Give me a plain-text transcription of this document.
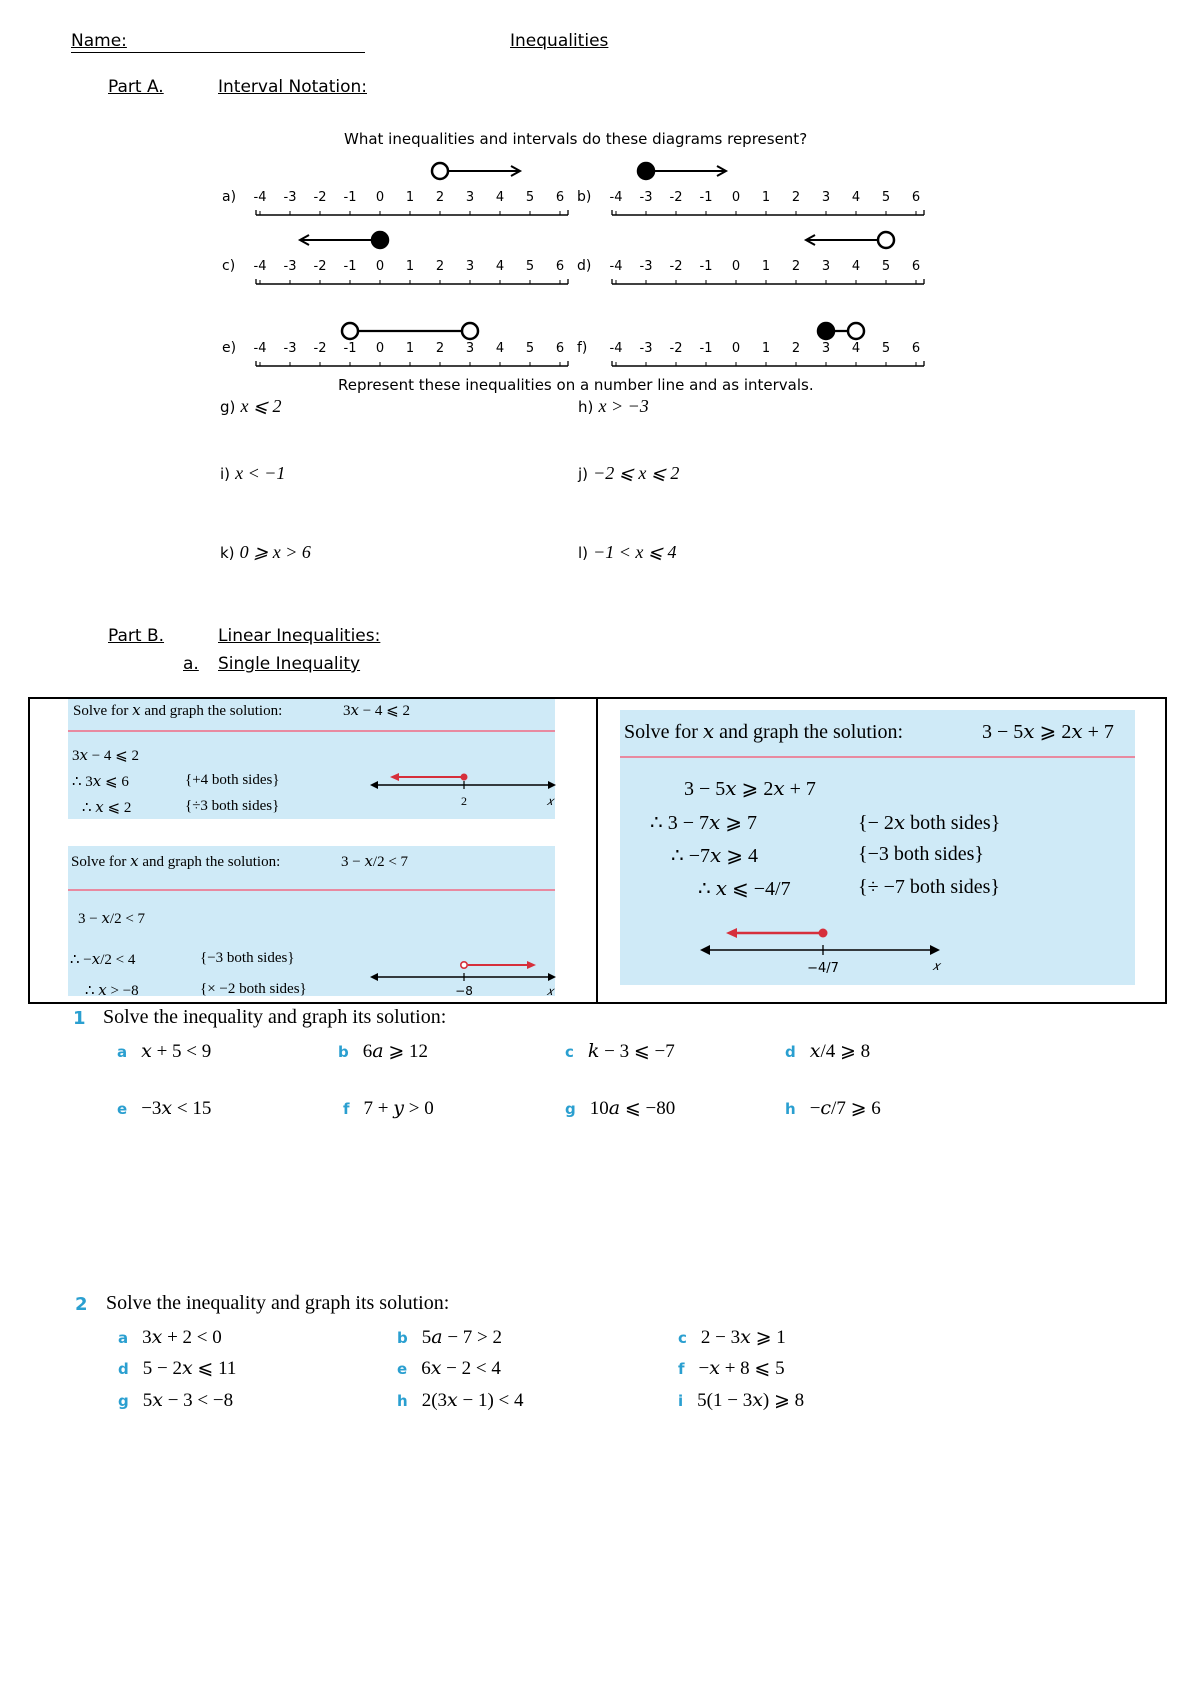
Name:	Inequalities
Part A.	Interval Notation:
What inequalities and intervals do these diagrams represent?
a) -4 -3 -2 -1 0 1 2 3 4 5 6 b) -4 -3 -2 -1 0 1 2 3 4 5 6
c) -4 -3 -2 -1 0 1 2 3 4 5 6 d) -4 -3 -2 -1 0 1 2 3 4 5 6
e) -4 -3 -2 -1 0 1 2 3 4 5 6 f) -4 -3 -2 -1 0 1 2 3 4 5 6
Represent these inequalities on a number line and as intervals.
g) x ⩽ 2	h) x > −3
i) x < −1	j) −2 ⩽ x ⩽ 2
k) 0 ⩾ x > 6	l) −1 < x ⩽ 4
Part B.	Linear Inequalities:
a. Single Inequality
Solve for 𝑥 and graph the solution:	3𝑥 − 4 ⩽ 2
3𝑥 − 4 ⩽ 2
∴ 3𝑥 ⩽ 6	{+4 both sides}
∴ 𝑥 ⩽ 2	{÷3 both sides}	2	𝑥
Solve for 𝑥 and graph the solution:	3 − 𝑥/2 < 7
3 − 𝑥/2 < 7
∴ −𝑥/2 < 4	{−3 both sides}
∴ 𝑥 > −8	{× −2 both sides}	−8	𝑥
Solve for 𝑥 and graph the solution:	3 − 5𝑥 ⩾ 2𝑥 + 7
3 − 5𝑥 ⩾ 2𝑥 + 7
∴ 3 − 7𝑥 ⩾ 7	{− 2𝑥 both sides}
∴ −7𝑥 ⩾ 4	{−3 both sides}
∴ 𝑥 ⩽ −4/7	{÷ −7 both sides}
−4/7	𝑥
1 Solve the inequality and graph its solution:
a 𝑥 + 5 < 9	b 6𝑎 ⩾ 12	c 𝑘 − 3 ⩽ −7	d 𝑥/4 ⩾ 8
e −3𝑥 < 15	f 7 + 𝑦 > 0	g 10𝑎 ⩽ −80	h −𝑐/7 ⩾ 6
2 Solve the inequality and graph its solution:
a 3𝑥 + 2 < 0	b 5𝑎 − 7 > 2	c 2 − 3𝑥 ⩾ 1
d 5 − 2𝑥 ⩽ 11	e 6𝑥 − 2 < 4	f −𝑥 + 8 ⩽ 5
g 5𝑥 − 3 < −8	h 2(3𝑥 − 1) < 4	i 5(1 − 3𝑥) ⩾ 8
